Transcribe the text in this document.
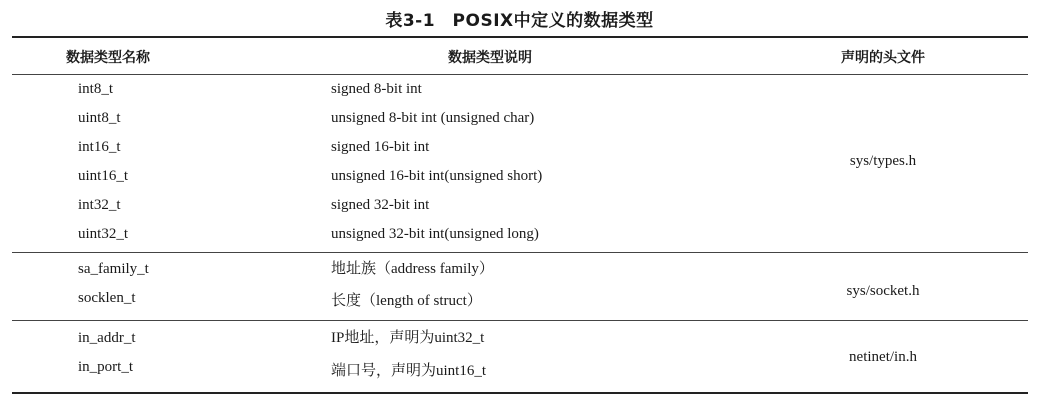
表3-1　POSIX中定义的数据类型
数据类型名称	数据类型说明	声明的头文件
int8_t	signed 8-bit int
uint8_t	unsigned 8-bit int (unsigned char)
int16_t	signed 16-bit int
uint16_t	unsigned 16-bit int(unsigned short)
int32_t	signed 32-bit int
uint32_t	unsigned 32-bit int(unsigned long)
sys/types.h
sa_family_t	地址族（address family）
socklen_t	长度（length of struct）
sys/socket.h
in_addr_t	IP地址，声明为uint32_t
in_port_t	端口号，声明为uint16_t
netinet/in.h
